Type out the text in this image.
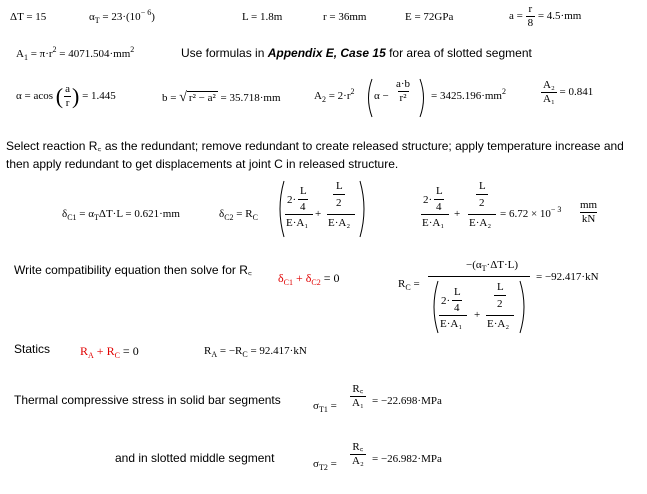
ΔT = 15	$\alpha_T = 23\cdot(10^{- 6})$	L = 1.8m	r = 36mm	E = 72GPa	$a = \frac{r}{8} = 4.5\cdot mm$
$A_1 = \pi\cdot r^2 = 4071.504\cdot mm^2$	Use formulas in Appendix E, Case 15 for area of slotted segment
α = acos ( $\frac{a}{r}$ ) = 1.445	b = √ r² − a² = 35.718·mm	$A_2 = 2\cdot r^2$ $\alpha - \frac{a\cdot b}{\text{r²}} = 3425.196\cdot mm^2$	$\frac{\text{A₂}}{\text{A₁}} = 0.841$
Select reaction R꜀ as the redundant; remove redundant to create released structure; apply temperature increase and
then apply redundant to get displacements at joint C in released structure.
$\delta_{C1} = \alpha_T\Delta T\cdot L = 0.621\cdot mm$	$\delta_{C2} = R_C$
2·
L
4
E·A₁
+
L
2
E·A₂
2·
L
4
E·A₁
+
L
2
E·A₂
= $6.72 \times 10^{- 3} \frac{mm}{kN}$
Write compatibility equation then solve for R꜀
$\delta_{C1} + \delta_{C2} = 0$	$R_C$ =
$-(\alpha_T\cdot\Delta T\cdot L)$
2·
L
4
E·A₁
+
L
2
E·A₂
= −92.417·kN
Statics $R_A + R_C = 0$	$R_A = -R_C = 92.417\cdot kN$
Thermal compressive stress in solid bar segments	$\sigma_{T1} = \frac{R꜀}{\text{A₁}} = -22.698\cdot MPa$
and in slotted middle segment	$\sigma_{T2} = \frac{R꜀}{\text{A₂}} = -26.982\cdot MPa$
